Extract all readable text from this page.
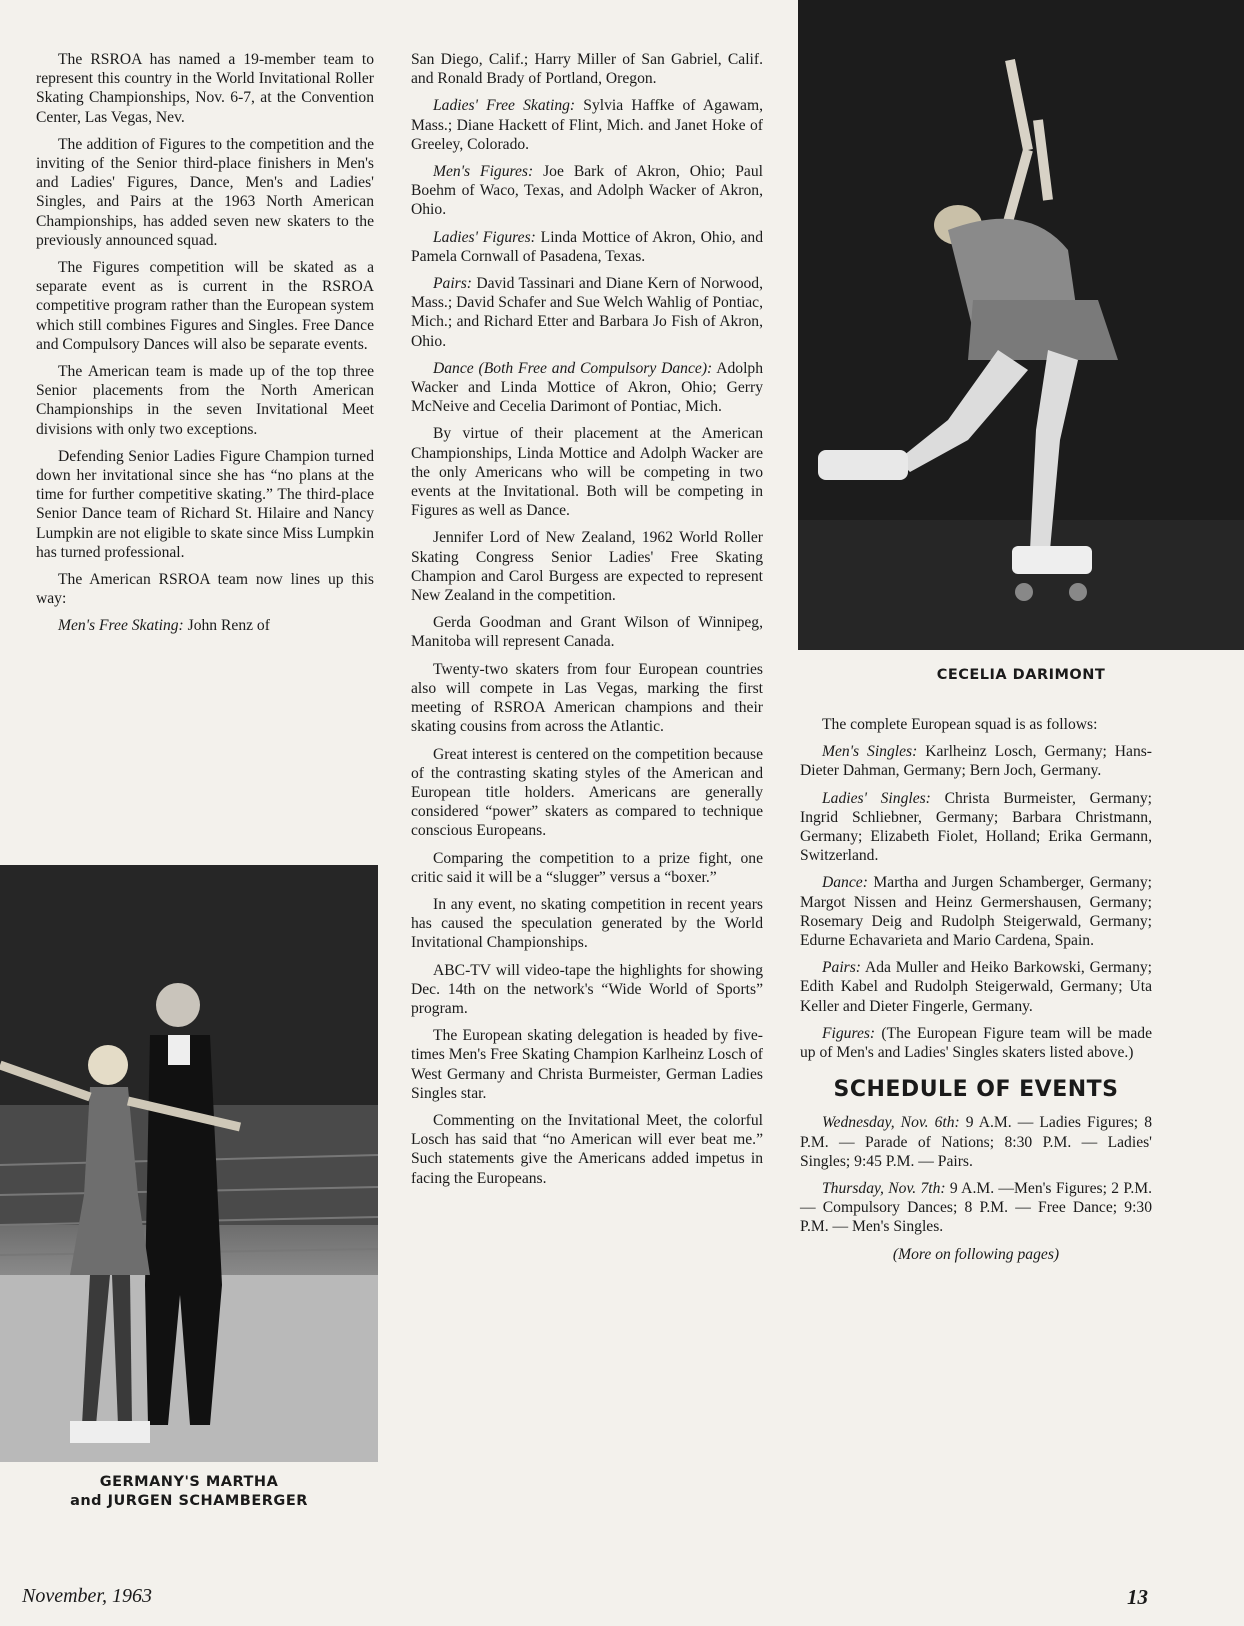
The RSROA has named a 19-member team to represent this country in the World Invitational Roller Skating Championships, Nov. 6-7, at the Convention Center, Las Vegas, Nev.

The addition of Figures to the competition and the inviting of the Senior third-place finishers in Men's and Ladies' Figures, Dance, Men's and Ladies' Singles, and Pairs at the 1963 North American Championships, has added seven new skaters to the previously announced squad.

The Figures competition will be skated as a separate event as is current in the RSROA competitive program rather than the European system which still combines Figures and Singles. Free Dance and Compulsory Dances will also be separate events.

The American team is made up of the top three Senior placements from the North American Championships in the seven Invitational Meet divisions with only two exceptions.

Defending Senior Ladies Figure Champion turned down her invitational since she has “no plans at the time for further competitive skating.” The third-place Senior Dance team of Richard St. Hilaire and Nancy Lumpkin are not eligible to skate since Miss Lumpkin has turned professional.

The American RSROA team now lines up this way:

Men's Free Skating: John Renz of

GERMANY'S MARTHA
and JURGEN SCHAMBERGER

San Diego, Calif.; Harry Miller of San Gabriel, Calif. and Ronald Brady of Portland, Oregon.

Ladies' Free Skating: Sylvia Haffke of Agawam, Mass.; Diane Hackett of Flint, Mich. and Janet Hoke of Greeley, Colorado.

Men's Figures: Joe Bark of Akron, Ohio; Paul Boehm of Waco, Texas, and Adolph Wacker of Akron, Ohio.

Ladies' Figures: Linda Mottice of Akron, Ohio, and Pamela Cornwall of Pasadena, Texas.

Pairs: David Tassinari and Diane Kern of Norwood, Mass.; David Schafer and Sue Welch Wahlig of Pontiac, Mich.; and Richard Etter and Barbara Jo Fish of Akron, Ohio.

Dance (Both Free and Compulsory Dance): Adolph Wacker and Linda Mottice of Akron, Ohio; Gerry McNeive and Cecelia Darimont of Pontiac, Mich.

By virtue of their placement at the American Championships, Linda Mottice and Adolph Wacker are the only Americans who will be competing in two events at the Invitational. Both will be competing in Figures as well as Dance.

Jennifer Lord of New Zealand, 1962 World Roller Skating Congress Senior Ladies' Free Skating Champion and Carol Burgess are expected to represent New Zealand in the competition.

Gerda Goodman and Grant Wilson of Winnipeg, Manitoba will represent Canada.

Twenty-two skaters from four European countries also will compete in Las Vegas, marking the first meeting of RSROA American champions and their skating cousins from across the Atlantic.

Great interest is centered on the competition because of the contrasting skating styles of the American and European title holders. Americans are generally considered “power” skaters as compared to technique conscious Europeans.

Comparing the competition to a prize fight, one critic said it will be a “slugger” versus a “boxer.”

In any event, no skating competition in recent years has caused the speculation generated by the World Invitational Championships.

ABC-TV will video-tape the highlights for showing Dec. 14th on the network's “Wide World of Sports” program.

The European skating delegation is headed by five-times Men's Free Skating Champion Karlheinz Losch of West Germany and Christa Burmeister, German Ladies Singles star.

Commenting on the Invitational Meet, the colorful Losch has said that “no American will ever beat me.” Such statements give the Americans added impetus in facing the Europeans.

CECELIA DARIMONT

The complete European squad is as follows:

Men's Singles: Karlheinz Losch, Germany; Hans-Dieter Dahman, Germany; Bern Joch, Germany.

Ladies' Singles: Christa Burmeister, Germany; Ingrid Schliebner, Germany; Barbara Christmann, Germany; Elizabeth Fiolet, Holland; Erika Germann, Switzerland.

Dance: Martha and Jurgen Schamberger, Germany; Margot Nissen and Heinz Germershausen, Germany; Rosemary Deig and Rudolph Steigerwald, Germany; Edurne Echavarieta and Mario Cardena, Spain.

Pairs: Ada Muller and Heiko Barkowski, Germany; Edith Kabel and Rudolph Steigerwald, Germany; Uta Keller and Dieter Fingerle, Germany.

Figures: (The European Figure team will be made up of Men's and Ladies' Singles skaters listed above.)

SCHEDULE OF EVENTS

Wednesday, Nov. 6th: 9 A.M. — Ladies Figures; 8 P.M. — Parade of Nations; 8:30 P.M. — Ladies' Singles; 9:45 P.M. — Pairs.

Thursday, Nov. 7th: 9 A.M. —Men's Figures; 2 P.M. — Compulsory Dances; 8 P.M. — Free Dance; 9:30 P.M. — Men's Singles.

(More on following pages)
November, 1963	13
